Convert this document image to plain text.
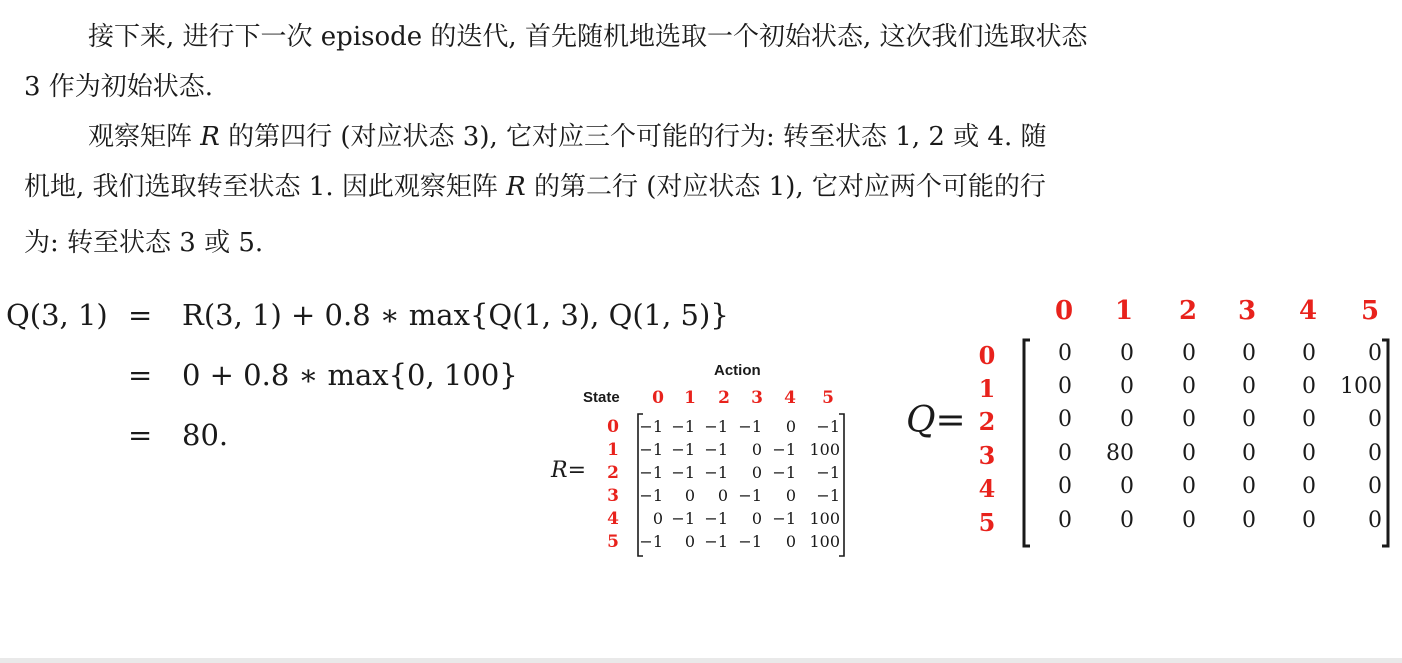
接下来, 进行下一次 episode 的迭代, 首先随机地选取一个初始状态, 这次我们选取状态
3 作为初始状态.
观察矩阵 R 的第四行 (对应状态 3), 它对应三个可能的行为: 转至状态 1, 2 或 4. 随
机地, 我们选取转至状态 1. 因此观察矩阵 R 的第二行 (对应状态 1), 它对应两个可能的行
为: 转至状态 3 或 5.
Q(3, 1) = R(3, 1) + 0.8 ∗ max{Q(1, 3), Q(1, 5)}
= 0 + 0.8 ∗ max{0, 100}
= 80.
Action
State
R=
0 1 2 3 4 5
0
1
2
3
4
5
−1 −1 −1 −1	0	−1
−1 −1 −1	0 −1 100
−1 −1 −1	0 −1	−1
−1	0	0 −1	0	−1
0 −1 −1	0 −1 100
−1	0 −1 −1	0 100
Q=
0 1 2 3 4 5
0
1
2
3
4
5
0	0	0	0	0	0
0	0	0	0	0	100
0	0	0	0	0	0
0	80	0	0	0	0
0	0	0	0	0	0
0	0	0	0	0	0
